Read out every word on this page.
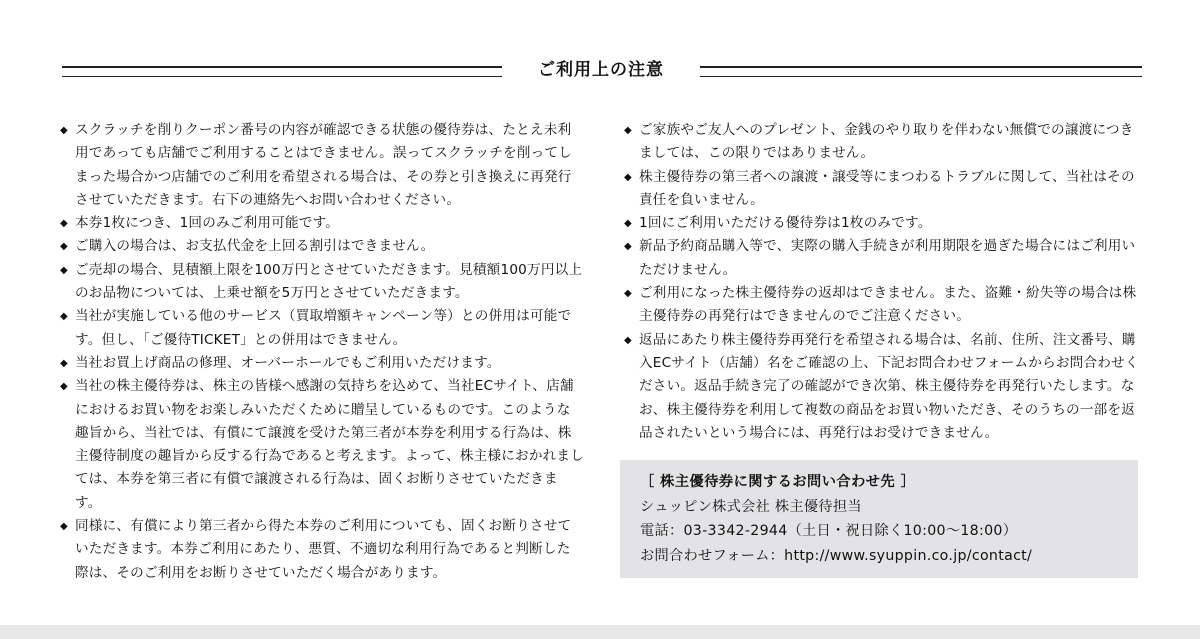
ご利用上の注意
◆ スクラッチを削りクーポン番号の内容が確認できる状態の優待券は、たとえ未利用であっても店舗でご利用することはできません。誤ってスクラッチを削ってしまった場合かつ店舗でのご利用を希望される場合は、その券と引き換えに再発行させていただきます。右下の連絡先へお問い合わせください。
◆ 本券1枚につき、1回のみご利用可能です。
◆ ご購入の場合は、お支払代金を上回る割引はできません。
◆ ご売却の場合、見積額上限を100万円とさせていただきます。見積額100万円以上のお品物については、上乗せ額を5万円とさせていただきます。
◆ 当社が実施している他のサービス（買取増額キャンペーン等）との併用は可能です。但し、「ご優待TICKET」との併用はできません。
◆ 当社お買上げ商品の修理、オーバーホールでもご利用いただけます。
◆ 当社の株主優待券は、株主の皆様へ感謝の気持ちを込めて、当社ECサイト、店舗におけるお買い物をお楽しみいただくために贈呈しているものです。このような趣旨から、当社では、有償にて譲渡を受けた第三者が本券を利用する行為は、株主優待制度の趣旨から反する行為であると考えます。よって、株主様におかれましては、本券を第三者に有償で譲渡される行為は、固くお断りさせていただきます。
◆ 同様に、有償により第三者から得た本券のご利用についても、固くお断りさせていただきます。本券ご利用にあたり、悪質、不適切な利用行為であると判断した際は、そのご利用をお断りさせていただく場合があります。
◆ ご家族やご友人へのプレゼント、金銭のやり取りを伴わない無償での譲渡につきましては、この限りではありません。
◆ 株主優待券の第三者への譲渡・譲受等にまつわるトラブルに関して、当社はその責任を負いません。
◆ 1回にご利用いただける優待券は1枚のみです。
◆ 新品予約商品購入等で、実際の購入手続きが利用期限を過ぎた場合にはご利用いただけません。
◆ ご利用になった株主優待券の返却はできません。また、盗難・紛失等の場合は株主優待券の再発行はできませんのでご注意ください。
◆ 返品にあたり株主優待券再発行を希望される場合は、名前、住所、注文番号、購入ECサイト（店舗）名をご確認の上、下記お問合わせフォームからお問合わせください。返品手続き完了の確認ができ次第、株主優待券を再発行いたします。なお、株主優待券を利用して複数の商品をお買い物いただき、そのうちの一部を返品されたいという場合には、再発行はお受けできません。
［ 株主優待券に関するお問い合わせ先 ］
シュッピン株式会社 株主優待担当
電話：03-3342-2944（土日・祝日除く10:00～18:00）
お問合わせフォーム：http://www.syuppin.co.jp/contact/
